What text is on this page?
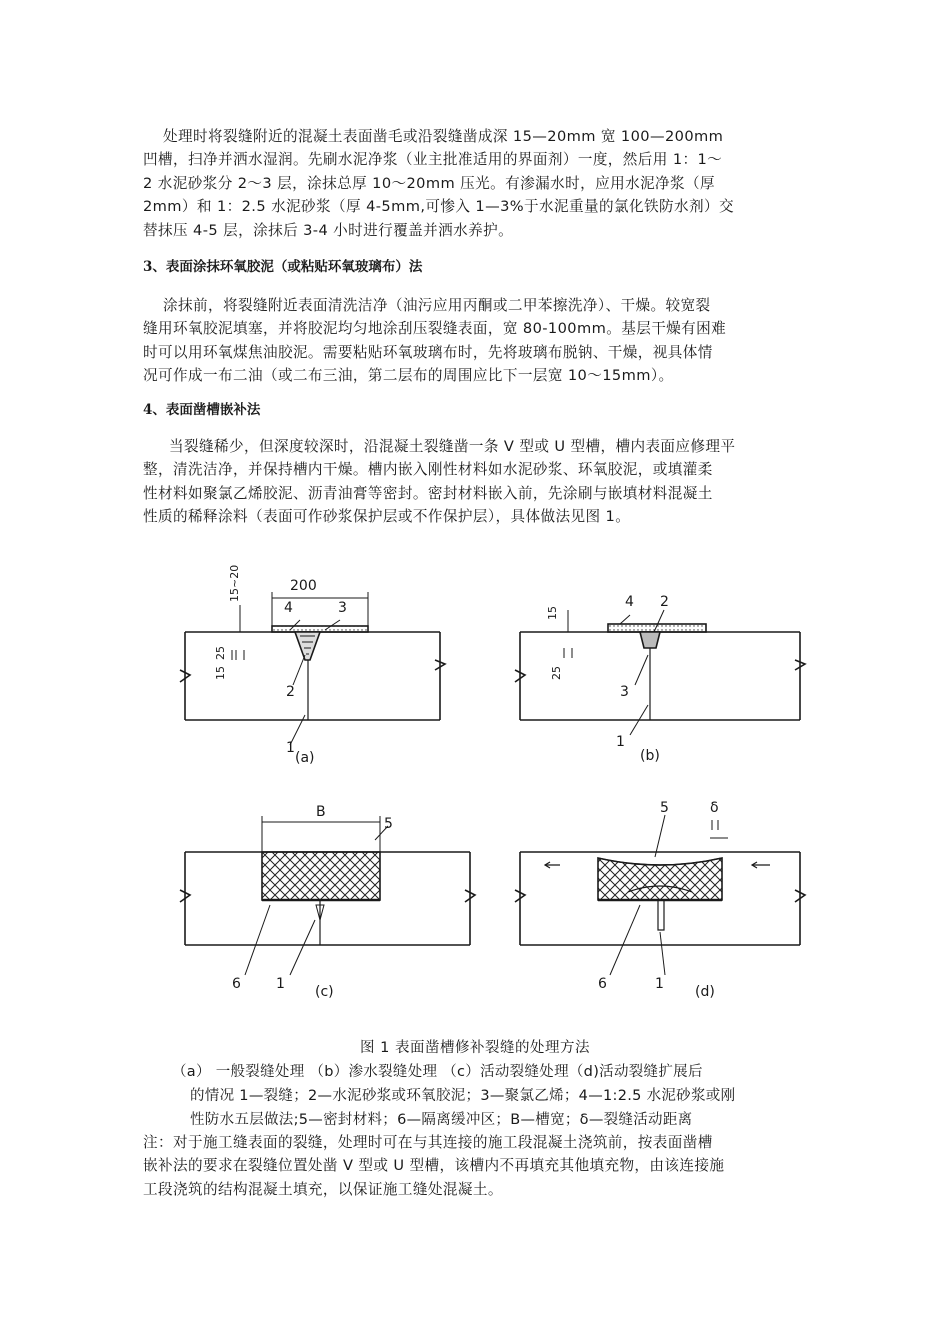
处理时将裂缝附近的混凝土表面凿毛或沿裂缝凿成深 15—20mm 宽 100—200mm
凹槽，扫净并洒水湿润。先刷水泥净浆（业主批准适用的界面剂）一度，然后用 1：1～
2 水泥砂浆分 2～3 层，涂抹总厚 10～20mm 压光。有渗漏水时，应用水泥净浆（厚
2mm）和 1：2.5 水泥砂浆（厚 4-5mm,可惨入 1—3%于水泥重量的氯化铁防水剂）交
替抹压 4-5 层，涂抹后 3-4 小时进行覆盖并洒水养护。
3、表面涂抹环氧胶泥（或粘贴环氧玻璃布）法
涂抹前，将裂缝附近表面清洗洁净（油污应用丙酮或二甲苯擦洗净）、干燥。较宽裂
缝用环氧胶泥填塞，并将胶泥均匀地涂刮压裂缝表面，宽 80-100mm。基层干燥有困难
时可以用环氧煤焦油胶泥。需要粘贴环氧玻璃布时，先将玻璃布脱钠、干燥，视具体情
况可作成一布二油（或二布三油，第二层布的周围应比下一层宽 10～15mm）。
4、表面凿槽嵌补法
当裂缝稀少，但深度较深时，沿混凝土裂缝凿一条 V 型或 U 型槽，槽内表面应修理平
整，清洗洁净，并保持槽内干燥。槽内嵌入刚性材料如水泥砂浆、环氧胶泥，或填灌柔
性材料如聚氯乙烯胶泥、沥青油膏等密封。密封材料嵌入前，先涂刷与嵌填材料混凝土
性质的稀释涂料（表面可作砂浆保护层或不作保护层），具体做法见图 1。
200
15~20
15
25
4	3
2
1
(a)
15
25
4 2
3
1
(b)
B
5
6	1 (c)
5	δ
6	1 (d)
图 1 表面凿槽修补裂缝的处理方法
（a） 一般裂缝处理 （b）渗水裂缝处理 （c）活动裂缝处理（d)活动裂缝扩展后
的情况 1—裂缝；2—水泥砂浆或环氧胶泥；3—聚氯乙烯；4—1:2.5 水泥砂浆或刚
性防水五层做法;5—密封材料；6—隔离缓冲区；B—槽宽；δ—裂缝活动距离
注：对于施工缝表面的裂缝，处理时可在与其连接的施工段混凝土浇筑前，按表面凿槽
嵌补法的要求在裂缝位置处凿 V 型或 U 型槽，该槽内不再填充其他填充物，由该连接施
工段浇筑的结构混凝土填充，以保证施工缝处混凝土。
